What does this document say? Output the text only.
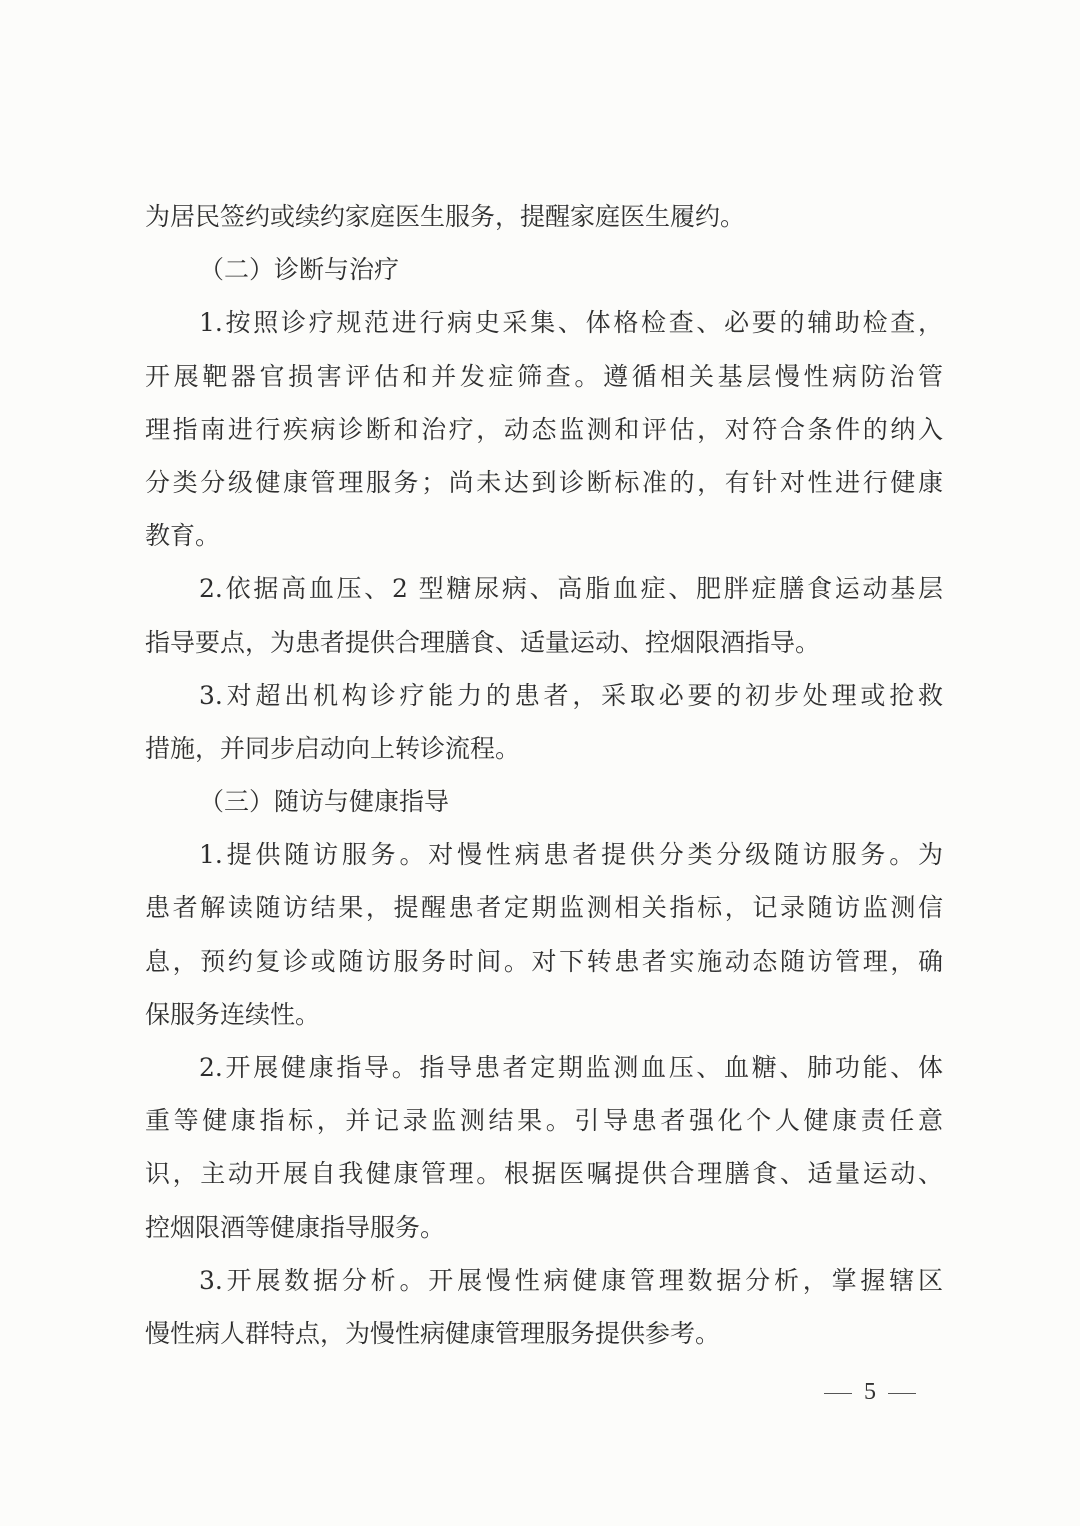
为居民签约或续约家庭医生服务，提醒家庭医生履约。
（二）诊断与治疗
1.按照诊疗规范进行病史采集、体格检查、必要的辅助检查，
开展靶器官损害评估和并发症筛查。遵循相关基层慢性病防治管
理指南进行疾病诊断和治疗，动态监测和评估，对符合条件的纳入
分类分级健康管理服务；尚未达到诊断标准的，有针对性进行健康
教育。
2.依据高血压、2 型糖尿病、高脂血症、肥胖症膳食运动基层
指导要点，为患者提供合理膳食、适量运动、控烟限酒指导。
3.对超出机构诊疗能力的患者，采取必要的初步处理或抢救
措施，并同步启动向上转诊流程。
（三）随访与健康指导
1.提供随访服务。对慢性病患者提供分类分级随访服务。为
患者解读随访结果，提醒患者定期监测相关指标，记录随访监测信
息，预约复诊或随访服务时间。对下转患者实施动态随访管理，确
保服务连续性。
2.开展健康指导。指导患者定期监测血压、血糖、肺功能、体
重等健康指标，并记录监测结果。引导患者强化个人健康责任意
识，主动开展自我健康管理。根据医嘱提供合理膳食、适量运动、
控烟限酒等健康指导服务。
3.开展数据分析。开展慢性病健康管理数据分析，掌握辖区
慢性病人群特点，为慢性病健康管理服务提供参考。
5
